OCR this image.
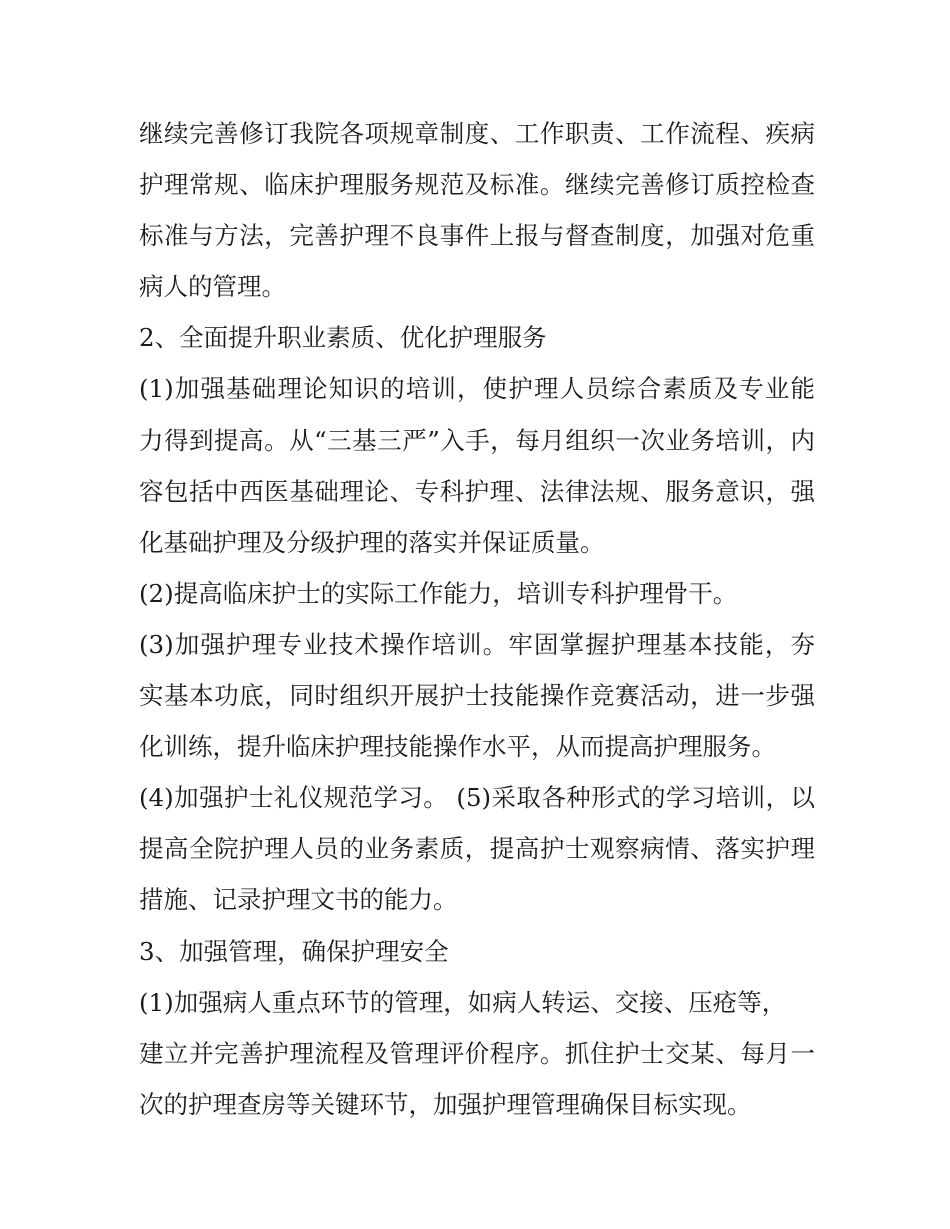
继续完善修订我院各项规章制度、工作职责、工作流程、疾病
护理常规、临床护理服务规范及标准。继续完善修订质控检查
标准与方法，完善护理不良事件上报与督查制度，加强对危重
病人的管理。
2、全面提升职业素质、优化护理服务
(1)加强基础理论知识的培训，使护理人员综合素质及专业能
力得到提高。从“三基三严”入手，每月组织一次业务培训，内
容包括中西医基础理论、专科护理、法律法规、服务意识，强
化基础护理及分级护理的落实并保证质量。
(2)提高临床护士的实际工作能力，培训专科护理骨干。
(3)加强护理专业技术操作培训。牢固掌握护理基本技能，夯
实基本功底，同时组织开展护士技能操作竞赛活动，进一步强
化训练，提升临床护理技能操作水平，从而提高护理服务。
(4)加强护士礼仪规范学习。 (5)采取各种形式的学习培训，以
提高全院护理人员的业务素质，提高护士观察病情、落实护理
措施、记录护理文书的能力。
3、加强管理，确保护理安全
(1)加强病人重点环节的管理，如病人转运、交接、压疮等，
建立并完善护理流程及管理评价程序。抓住护士交某、每月一
次的护理查房等关键环节，加强护理管理确保目标实现。
